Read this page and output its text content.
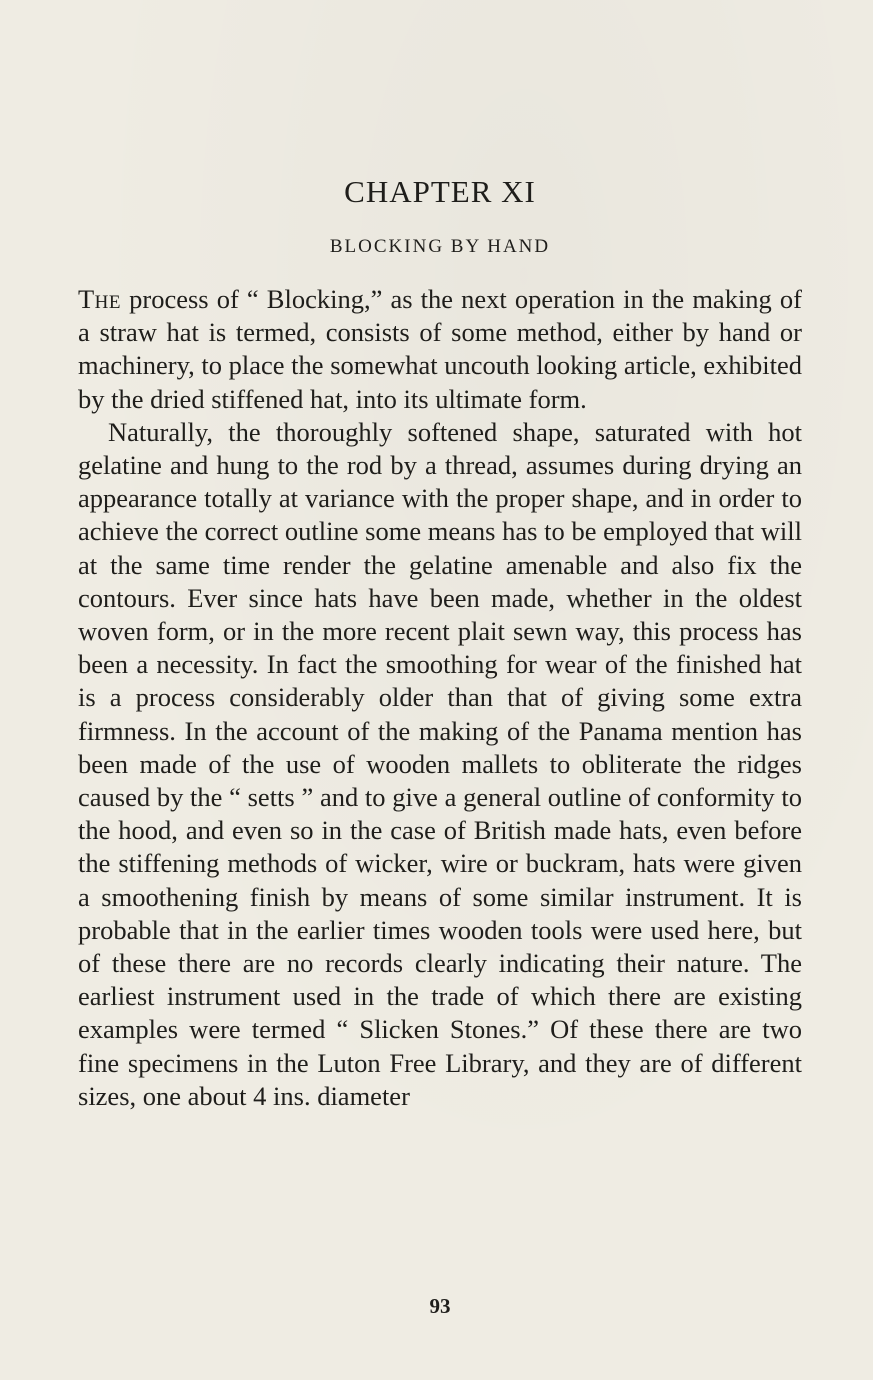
CHAPTER XI
BLOCKING BY HAND

The process of “ Blocking,” as the next operation in the making of a straw hat is termed, consists of some method, either by hand or machinery, to place the somewhat uncouth looking article, exhibited by the dried stiffened hat, into its ultimate form.

Naturally, the thoroughly softened shape, saturated with hot gelatine and hung to the rod by a thread, assumes during drying an appearance totally at variance with the proper shape, and in order to achieve the correct outline some means has to be employed that will at the same time render the gelatine amenable and also fix the contours. Ever since hats have been made, whether in the oldest woven form, or in the more recent plait sewn way, this process has been a necessity. In fact the smoothing for wear of the finished hat is a process considerably older than that of giving some extra firmness. In the account of the making of the Panama mention has been made of the use of wooden mallets to obliterate the ridges caused by the “ setts ” and to give a general outline of conformity to the hood, and even so in the case of British made hats, even before the stiffening methods of wicker, wire or buckram, hats were given a smoothening finish by means of some similar instrument. It is probable that in the earlier times wooden tools were used here, but of these there are no records clearly indicating their nature. The earliest instrument used in the trade of which there are existing examples were termed “ Slicken Stones.” Of these there are two fine specimens in the Luton Free Library, and they are of different sizes, one about 4 ins. diameter

93
